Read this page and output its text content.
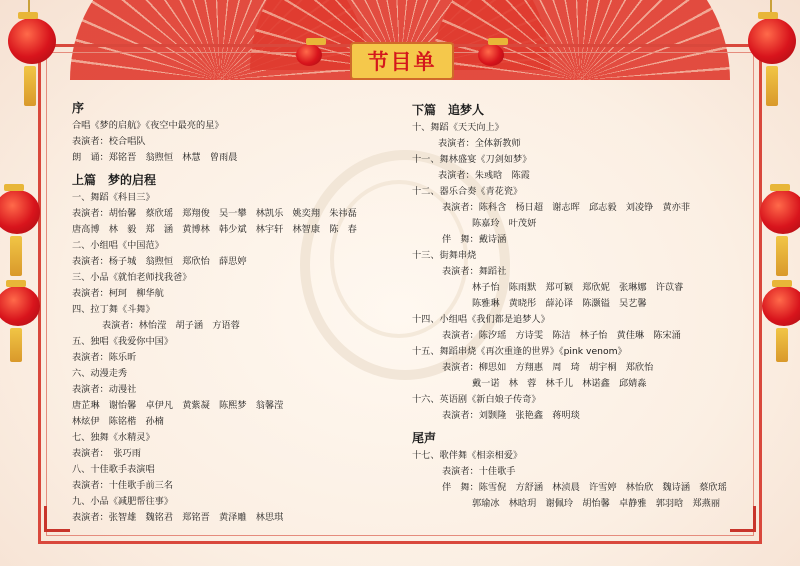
节目单
序
合唱《梦的启航》《夜空中最亮的星》
表演者：校合唱队
朗　诵：郑铭晋　翁煦恒　林慧　曾雨晨
上篇　梦的启程
一、舞蹈《科目三》
表演者：胡怡馨　蔡欣瑶　郑翔俊　吴一攀　林凯乐　姚奕翔　朱祎磊
唐高博　林　毅　郑　涵　黄博林　韩少斌　林宇轩　林智康　陈　春
二、小组唱《中国范》
表演者：杨子城　翁煦恒　郑欣怡　薛思婷
三、小品《就怕老师找我爸》
表演者：柯珂　柳华航
四、拉丁舞《斗舞》
表演者：林怡滢　胡子涵　方语蓉
五、独唱《我爱你中国》
表演者：陈乐昕
六、动漫走秀
表演者：动漫社
唐芷琳　谢怡馨　卓伊凡　黄紫凝　陈熙梦　翁馨滢
林炫伊　陈铭楷　孙楠
七、独舞《水精灵》
表演者：　张巧雨
八、十佳歌手表演唱
表演者：十佳歌手前三名
九、小品《减肥帮往事》
表演者：张智雄　魏铭君　郑铭晋　黄泽雕　林思琪
下篇　追梦人
十、舞蹈《天天向上》
表演者：全体新教师
十一、舞林盛宴《刀剑如梦》
表演者：朱彧晗　陈霞
十二、器乐合奏《青花瓷》
表演者：陈科含　杨日超　谢志晖　邱志毅　刘凌铮　黄亦菲
陈嘉玲　叶茂妍
伴　舞：戴诗涵
十三、街舞串烧
表演者：舞蹈社
林子怡　陈雨默　郑可颖　郑欣妮　张琳娜　许苡睿
陈雅琳　黄晓彤　薛沁译　陈灏镒　吴艺馨
十四、小组唱《我们都是追梦人》
表演者：陈汐瑶　方诗雯　陈洁　林子怡　黄佳琳　陈宋涌
十五、舞蹈串烧《再次重逢的世界》《pink venom》
表演者：柳思如　方翔惠　周　琦　胡宇桐　郑欣怡
戴一诺　林　蓉　林千儿　林诺鑫　邱婧淼
十六、英语剧《新白娘子传奇》
表演者：刘颢隆　张艳鑫　蒋明琰
尾声
十七、歌伴舞《相亲相爱》
表演者：十佳歌手
伴　舞：陈雪倪　方舒涵　林浈晨　许雪婷　林怡欣　魏诗涵　蔡欣瑶
郭瑜冰　林晗玥　谢佩玲　胡怡馨　卓静雅　郭羽晗　郑燕丽
